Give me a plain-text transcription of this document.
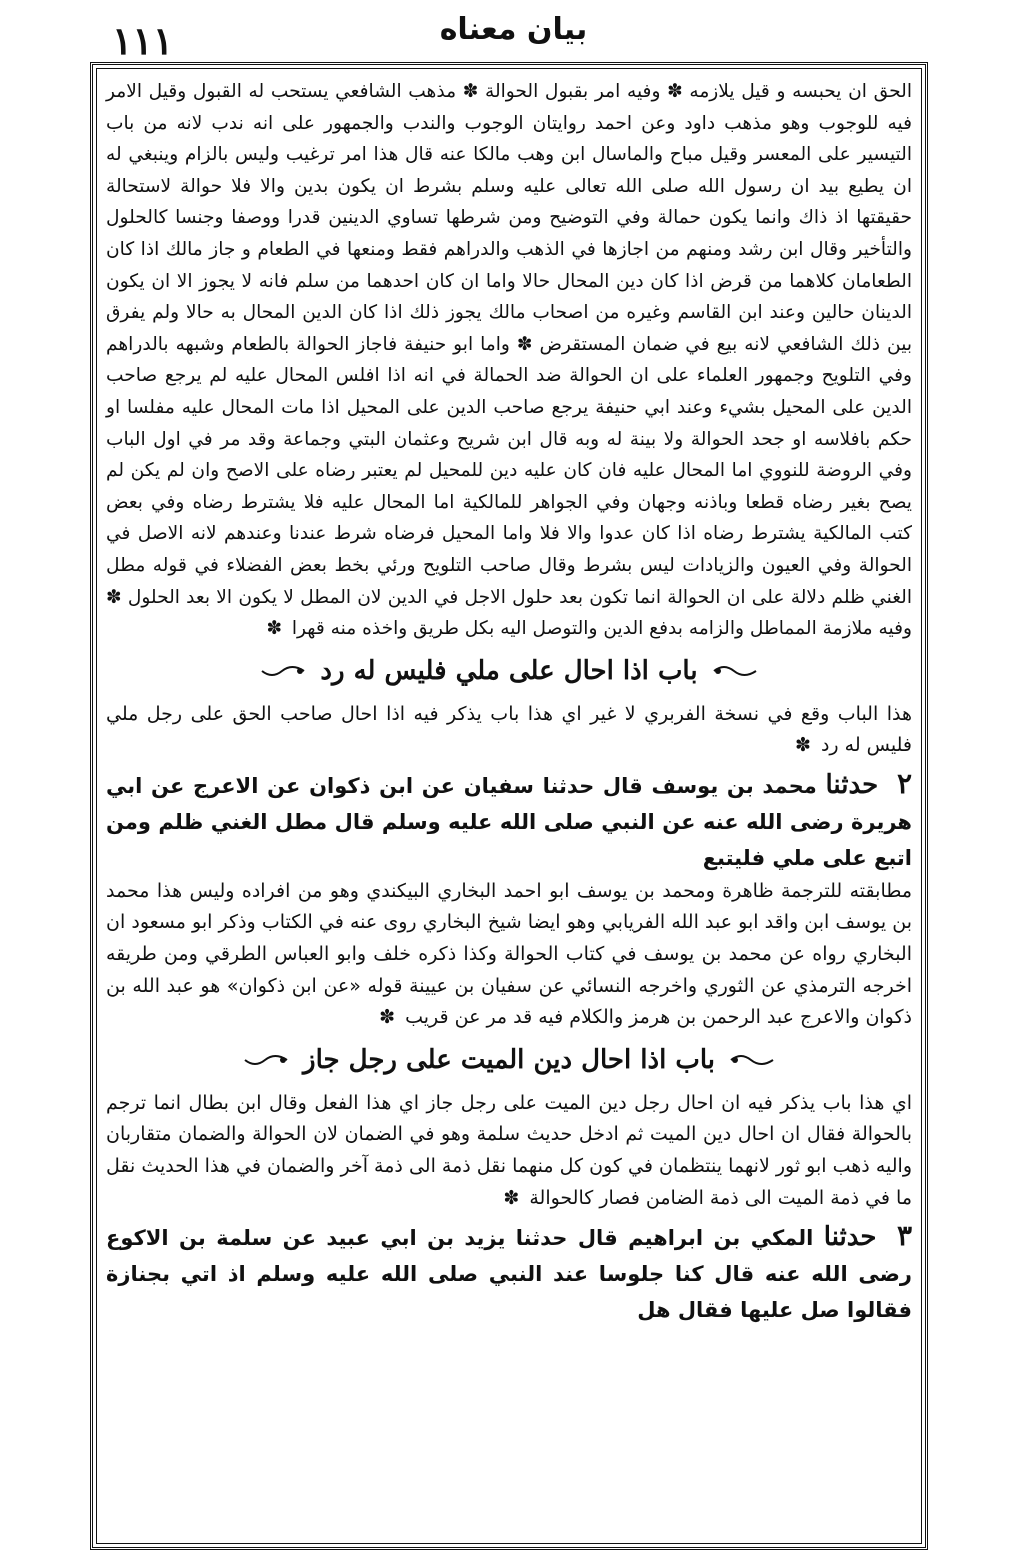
١١١	بيان معناه

الحق ان يحبسه و قيل يلازمه ✽ وفيه امر بقبول الحوالة ✽ مذهب الشافعي يستحب له القبول وقيل الامر فيه للوجوب وهو مذهب داود وعن احمد روايتان الوجوب والندب والجمهور على انه ندب لانه من باب التيسير على المعسر وقيل مباح والماسال ابن وهب مالكا عنه قال هذا امر ترغيب وليس بالزام وينبغي له ان يطيع بيد ان رسول الله صلى الله تعالى عليه وسلم بشرط ان يكون بدين والا فلا حوالة لاستحالة حقيقتها اذ ذاك وانما يكون حمالة وفي التوضيح ومن شرطها تساوي الدينين قدرا ووصفا وجنسا كالحلول والتأخير وقال ابن رشد ومنهم من اجازها في الذهب والدراهم فقط ومنعها في الطعام و جاز مالك اذا كان الطعامان كلاهما من قرض اذا كان دين المحال حالا واما ان كان احدهما من سلم فانه لا يجوز الا ان يكون الدينان حالين وعند ابن القاسم وغيره من اصحاب مالك يجوز ذلك اذا كان الدين المحال به حالا ولم يفرق بين ذلك الشافعي لانه بيع في ضمان المستقرض ✽ واما ابو حنيفة فاجاز الحوالة بالطعام وشبهه بالدراهم وفي التلويح وجمهور العلماء على ان الحوالة ضد الحمالة في انه اذا افلس المحال عليه لم يرجع صاحب الدين على المحيل بشيء وعند ابي حنيفة يرجع صاحب الدين على المحيل اذا مات المحال عليه مفلسا او حكم بافلاسه او جحد الحوالة ولا بينة له وبه قال ابن شريح وعثمان البتي وجماعة وقد مر في اول الباب وفي الروضة للنووي اما المحال عليه فان كان عليه دين للمحيل لم يعتبر رضاه على الاصح وان لم يكن لم يصح بغير رضاه قطعا وباذنه وجهان وفي الجواهر للمالكية اما المحال عليه فلا يشترط رضاه وفي بعض كتب المالكية يشترط رضاه اذا كان عدوا والا فلا واما المحيل فرضاه شرط عندنا وعندهم لانه الاصل في الحوالة وفي العيون والزيادات ليس بشرط وقال صاحب التلويح ورئي بخط بعض الفضلاء في قوله مطل الغني ظلم دلالة على ان الحوالة انما تكون بعد حلول الاجل في الدين لان المطل لا يكون الا بعد الحلول ✽ وفيه ملازمة المماطل والزامه بدفع الدين والتوصل اليه بكل طريق واخذه منه قهرا ✽

باب اذا احال على ملي فليس له رد

هذا الباب وقع في نسخة الفربري لا غير اي هذا باب يذكر فيه اذا احال صاحب الحق على رجل ملي فليس له رد ✽

٢ حدثنا محمد بن يوسف قال حدثنا سفيان عن ابن ذكوان عن الاعرج عن ابي هريرة رضى الله عنه عن النبي صلى الله عليه وسلم قال مطل الغني ظلم ومن اتبع على ملي فليتبع

مطابقته للترجمة ظاهرة ومحمد بن يوسف ابو احمد البخاري البيكندي وهو من افراده وليس هذا محمد بن يوسف ابن واقد ابو عبد الله الفريابي وهو ايضا شيخ البخاري روى عنه في الكتاب وذكر ابو مسعود ان البخاري رواه عن محمد بن يوسف في كتاب الحوالة وكذا ذكره خلف وابو العباس الطرقي ومن طريقه اخرجه الترمذي عن الثوري واخرجه النسائي عن سفيان بن عيينة قوله «عن ابن ذكوان» هو عبد الله بن ذكوان والاعرج عبد الرحمن بن هرمز والكلام فيه قد مر عن قريب ✽

باب اذا احال دين الميت على رجل جاز

اي هذا باب يذكر فيه ان احال رجل دين الميت على رجل جاز اي هذا الفعل وقال ابن بطال انما ترجم بالحوالة فقال ان احال دين الميت ثم ادخل حديث سلمة وهو في الضمان لان الحوالة والضمان متقاربان واليه ذهب ابو ثور لانهما ينتظمان في كون كل منهما نقل ذمة الى ذمة آخر والضمان في هذا الحديث نقل ما في ذمة الميت الى ذمة الضامن فصار كالحوالة ✽

٣ حدثنا المكي بن ابراهيم قال حدثنا يزيد بن ابي عبيد عن سلمة بن الاكوع رضى الله عنه قال كنا جلوسا عند النبي صلى الله عليه وسلم اذ اتي بجنازة فقالوا صل عليها فقال هل
